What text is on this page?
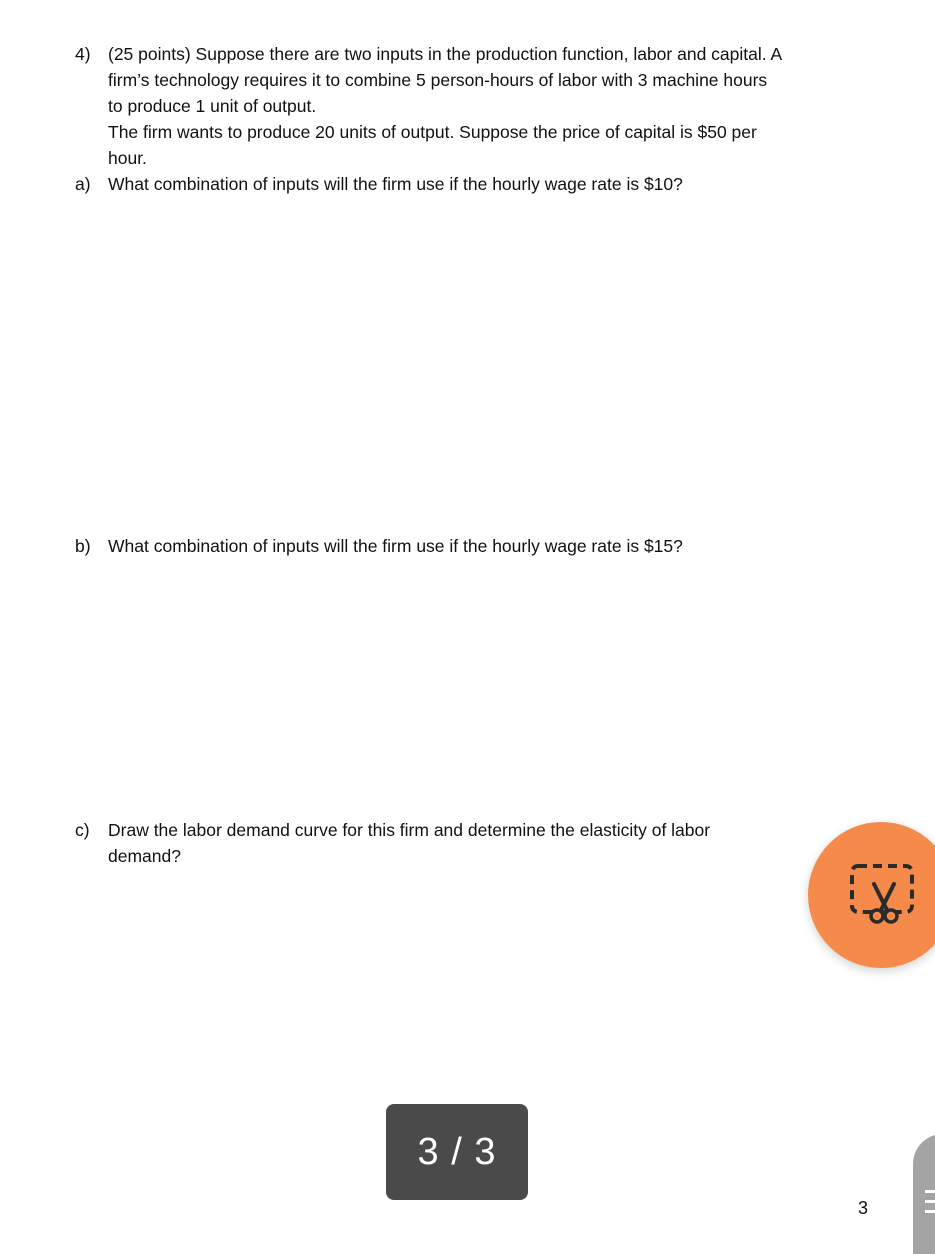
4) (25 points) Suppose there are two inputs in the production function, labor and capital. A
firm’s technology requires it to combine 5 person-hours of labor with 3 machine hours
to produce 1 unit of output.
The firm wants to produce 20 units of output. Suppose the price of capital is $50 per
hour.
a) What combination of inputs will the firm use if the hourly wage rate is $10?
b) What combination of inputs will the firm use if the hourly wage rate is $15?
c) Draw the labor demand curve for this firm and determine the elasticity of labor
demand?
3 / 3
3
